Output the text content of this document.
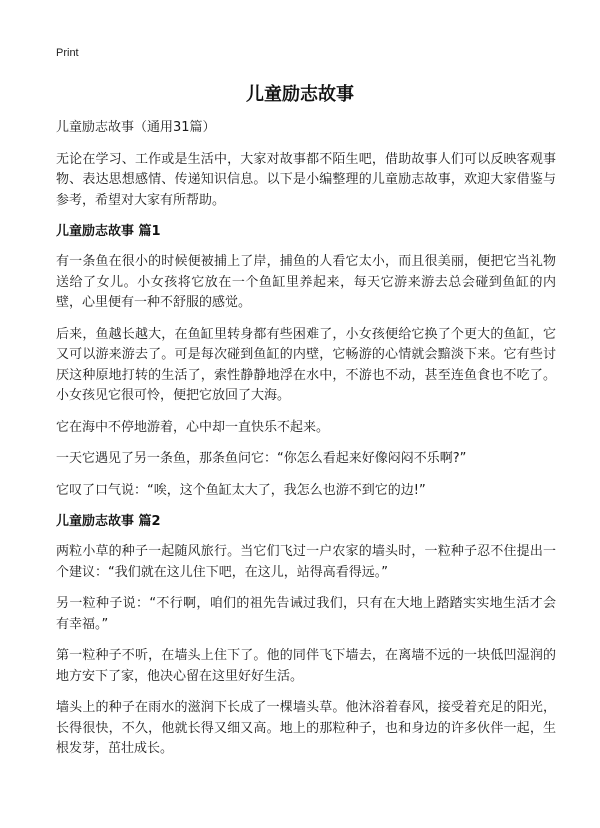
Print
儿童励志故事

儿童励志故事（通用31篇）

无论在学习、工作或是生活中，大家对故事都不陌生吧，借助故事人们可以反映客观事物、表达思想感情、传递知识信息。以下是小编整理的儿童励志故事，欢迎大家借鉴与参考，希望对大家有所帮助。

儿童励志故事 篇1

有一条鱼在很小的时候便被捕上了岸，捕鱼的人看它太小，而且很美丽，便把它当礼物送给了女儿。小女孩将它放在一个鱼缸里养起来，每天它游来游去总会碰到鱼缸的内壁，心里便有一种不舒服的感觉。

后来，鱼越长越大，在鱼缸里转身都有些困难了，小女孩便给它换了个更大的鱼缸，它又可以游来游去了。可是每次碰到鱼缸的内壁，它畅游的心情就会黯淡下来。它有些讨厌这种原地打转的生活了，索性静静地浮在水中，不游也不动，甚至连鱼食也不吃了。小女孩见它很可怜，便把它放回了大海。

它在海中不停地游着，心中却一直快乐不起来。

一天它遇见了另一条鱼，那条鱼问它：“你怎么看起来好像闷闷不乐啊?”

它叹了口气说：“唉，这个鱼缸太大了，我怎么也游不到它的边!”

儿童励志故事 篇2

两粒小草的种子一起随风旅行。当它们飞过一户农家的墙头时，一粒种子忍不住提出一个建议：“我们就在这儿住下吧，在这儿，站得高看得远。”

另一粒种子说：“不行啊，咱们的祖先告诫过我们，只有在大地上踏踏实实地生活才会有幸福。”

第一粒种子不听，在墙头上住下了。他的同伴飞下墙去，在离墙不远的一块低凹湿润的地方安下了家，他决心留在这里好好生活。

墙头上的种子在雨水的滋润下长成了一棵墙头草。他沐浴着春风，接受着充足的阳光，长得很快，不久，他就长得又细又高。地上的那粒种子，也和身边的许多伙伴一起，生根发芽，茁壮成长。
